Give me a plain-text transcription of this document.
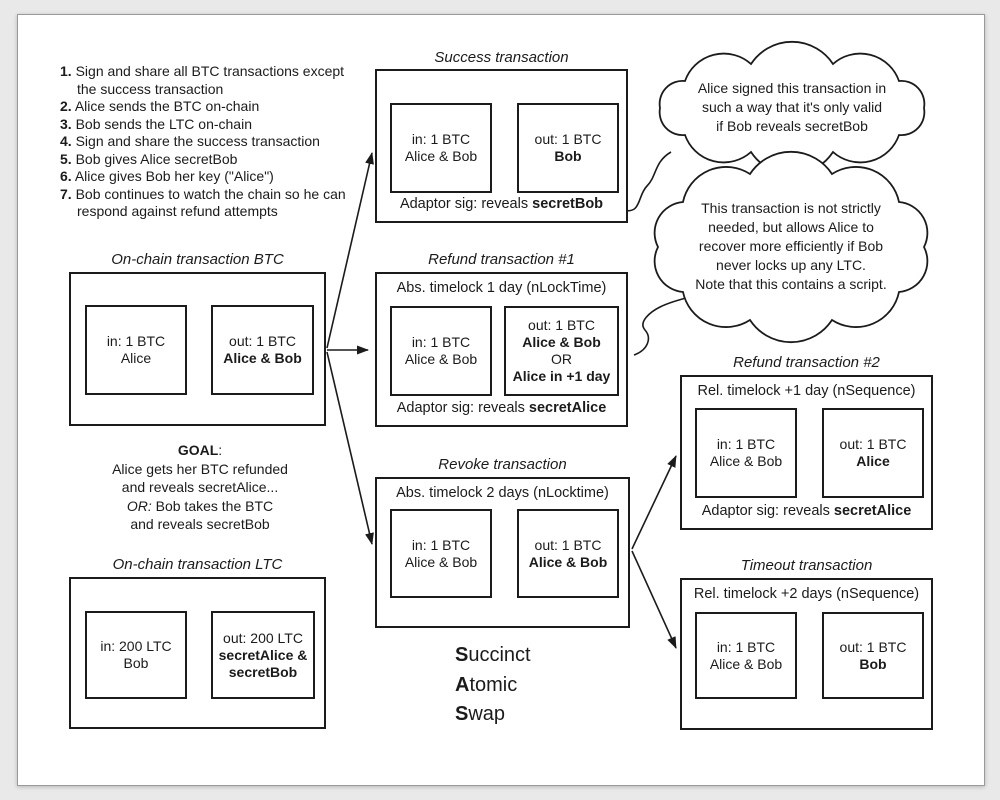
1. Sign and share all BTC transactions except the success transaction
2. Alice sends the BTC on-chain
3. Bob sends the LTC on-chain
4. Sign and share the success transaction
5. Bob gives Alice secretBob
6. Alice gives Bob her key ("Alice")
7. Bob continues to watch the chain so he can respond against refund attempts
On-chain transaction BTC
in: 1 BTC
Alice
out: 1 BTC
Alice & Bob
GOAL:
Alice gets her BTC refunded
and reveals secretAlice...
OR: Bob takes the BTC
and reveals secretBob
On-chain transaction LTC
in: 200 LTC
Bob
out: 200 LTC
secretAlice &
secretBob
Success transaction
in: 1 BTC
Alice & Bob
out: 1 BTC
Bob
Adaptor sig: reveals secretBob
Refund transaction #1
Abs. timelock 1 day (nLockTime)
in: 1 BTC
Alice & Bob
out: 1 BTC
Alice & Bob
OR
Alice in +1 day
Adaptor sig: reveals secretAlice
Revoke transaction
Abs. timelock 2 days (nLocktime)
in: 1 BTC
Alice & Bob
out: 1 BTC
Alice & Bob
Refund transaction #2
Rel. timelock +1 day (nSequence)
in: 1 BTC
Alice & Bob
out: 1 BTC
Alice
Adaptor sig: reveals secretAlice
Timeout transaction
Rel. timelock +2 days (nSequence)
in: 1 BTC
Alice & Bob
out: 1 BTC
Bob
Alice signed this transaction in
such a way that it's only valid
if Bob reveals secretBob
This transaction is not strictly
needed, but allows Alice to
recover more efficiently if Bob
never locks up any LTC.
Note that this contains a script.
Succinct
Atomic
Swap
